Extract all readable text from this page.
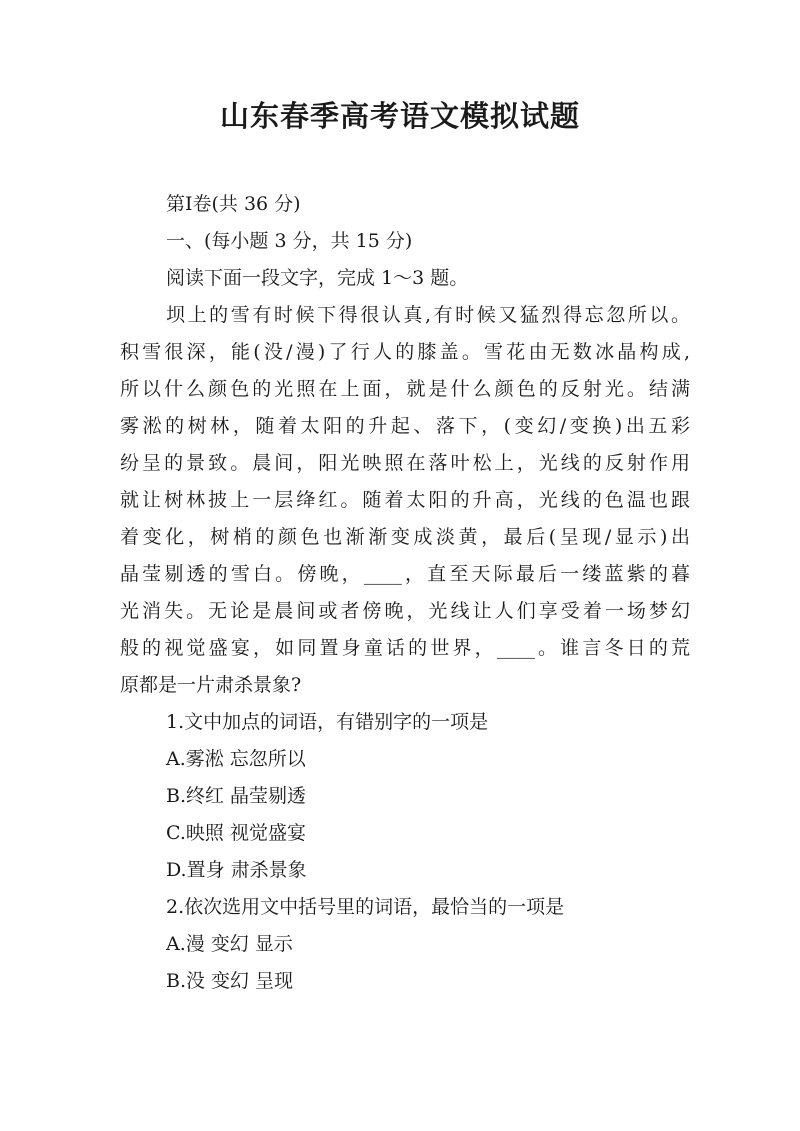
山东春季高考语文模拟试题
第Ⅰ卷(共 36 分)
一、(每小题 3 分，共 15 分)
阅读下面一段文字，完成 1～3 题。
坝上的雪有时候下得很认真,有时候又猛烈得忘忽所以。
积雪很深，能(没/漫)了行人的膝盖。雪花由无数冰晶构成,
所以什么颜色的光照在上面，就是什么颜色的反射光。结满
雾淞的树林，随着太阳的升起、落下，(变幻/变换)出五彩
纷呈的景致。晨间，阳光映照在落叶松上，光线的反射作用
就让树林披上一层绛红。随着太阳的升高，光线的色温也跟
着变化，树梢的颜色也渐渐变成淡黄，最后(呈现/显示)出
晶莹剔透的雪白。傍晚，____，直至天际最后一缕蓝紫的暮
光消失。无论是晨间或者傍晚，光线让人们享受着一场梦幻
般的视觉盛宴，如同置身童话的世界，____。谁言冬日的荒
原都是一片肃杀景象?
1.文中加点的词语，有错别字的一项是
A.雾淞 忘忽所以
B.终红 晶莹剔透
C.映照 视觉盛宴
D.置身 肃杀景象
2.依次选用文中括号里的词语，最恰当的一项是
A.漫 变幻 显示
B.没 变幻 呈现
